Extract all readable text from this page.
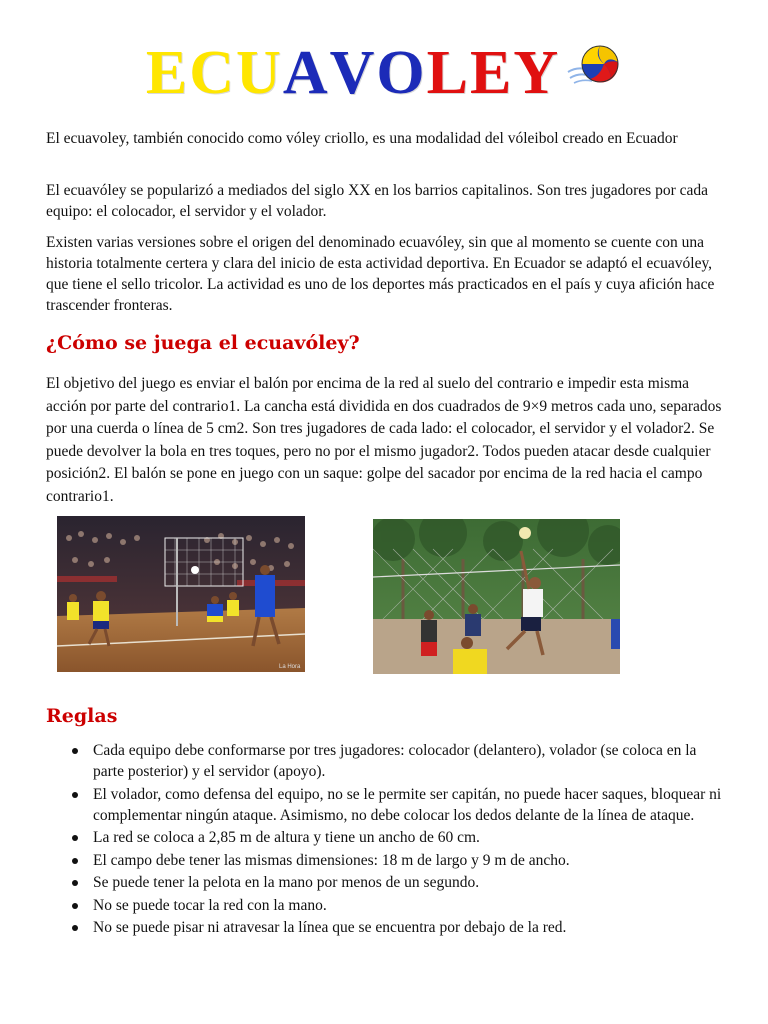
E C U A V O L E Y

El ecuavoley, también conocido como vóley criollo, es una modalidad del vóleibol creado en Ecuador

El ecuavóley se popularizó a mediados del siglo XX en los barrios capitalinos. Son tres jugadores por cada equipo: el colocador, el servidor y el volador.

Existen varias versiones sobre el origen del denominado ecuavóley, sin que al momento se cuente con una historia totalmente certera y clara del inicio de esta actividad deportiva. En Ecuador se adaptó el ecuavóley, que tiene el sello tricolor. La actividad es uno de los deportes más practicados en el país y cuya afición hace trascender fronteras.

¿Cómo se juega el ecuavóley?

El objetivo del juego es enviar el balón por encima de la red al suelo del contrario e impedir esta misma acción por parte del contrario1. La cancha está dividida en dos cuadrados de 9×9 metros cada uno, separados por una cuerda o línea de 5 cm2. Son tres jugadores de cada lado: el colocador, el servidor y el volador2. Se puede devolver la bola en tres toques, pero no por el mismo jugador2. Todos pueden atacar desde cualquier posición2. El balón se pone en juego con un saque: golpe del sacador por encima de la red hacia el campo contrario1.

La Hora
Reglas
Cada equipo debe conformarse por tres jugadores: colocador (delantero), volador (se coloca en la parte posterior) y el servidor (apoyo).
El volador, como defensa del equipo, no se le permite ser capitán, no puede hacer saques, bloquear ni complementar ningún ataque. Asimismo, no debe colocar los dedos delante de la línea de ataque.
La red se coloca a 2,85 m de altura y tiene un ancho de 60 cm.
El campo debe tener las mismas dimensiones: 18 m de largo y 9 m de ancho.
Se puede tener la pelota en la mano por menos de un segundo.
No se puede tocar la red con la mano.
No se puede pisar ni atravesar la línea que se encuentra por debajo de la red.
